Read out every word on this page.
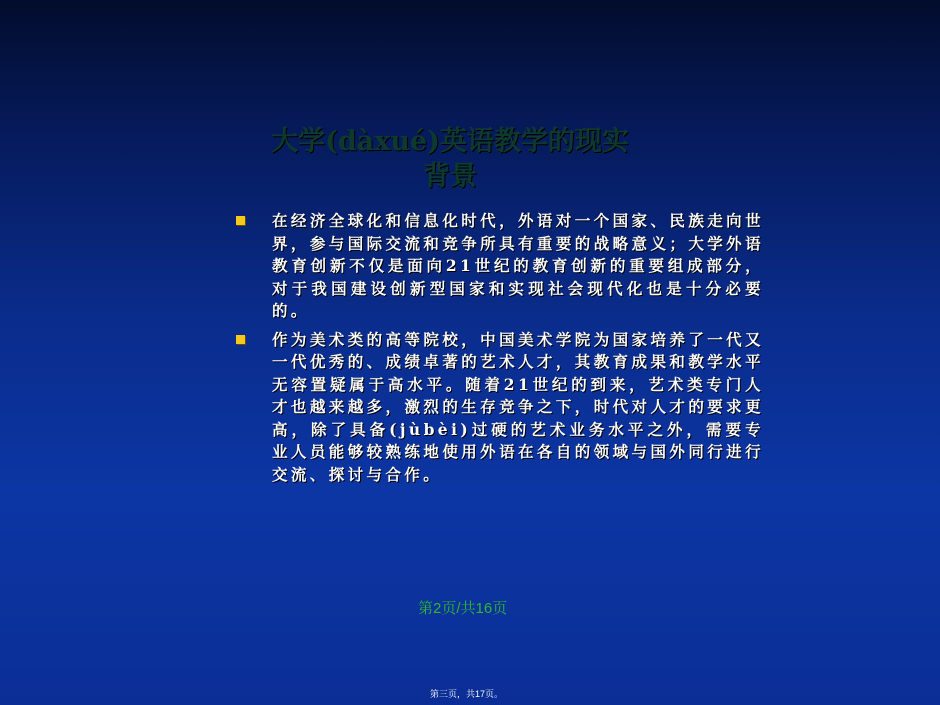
大学(dàxué)英语教学的现实
背景
在经济全球化和信息化时代，外语对一个国家、民族走向世界，参与国际交流和竞争所具有重要的战略意义；大学外语教育创新不仅是面向21世纪的教育创新的重要组成部分，对于我国建设创新型国家和实现社会现代化也是十分必要的。
作为美术类的高等院校，中国美术学院为国家培养了一代又一代优秀的、成绩卓著的艺术人才，其教育成果和教学水平无容置疑属于高水平。随着21世纪的到来，艺术类专门人才也越来越多，激烈的生存竞争之下，时代对人才的要求更高，除了具备(jùbèi)过硬的艺术业务水平之外，需要专业人员能够较熟练地使用外语在各自的领域与国外同行进行交流、探讨与合作。
第2页/共16页
第三页，共17页。
